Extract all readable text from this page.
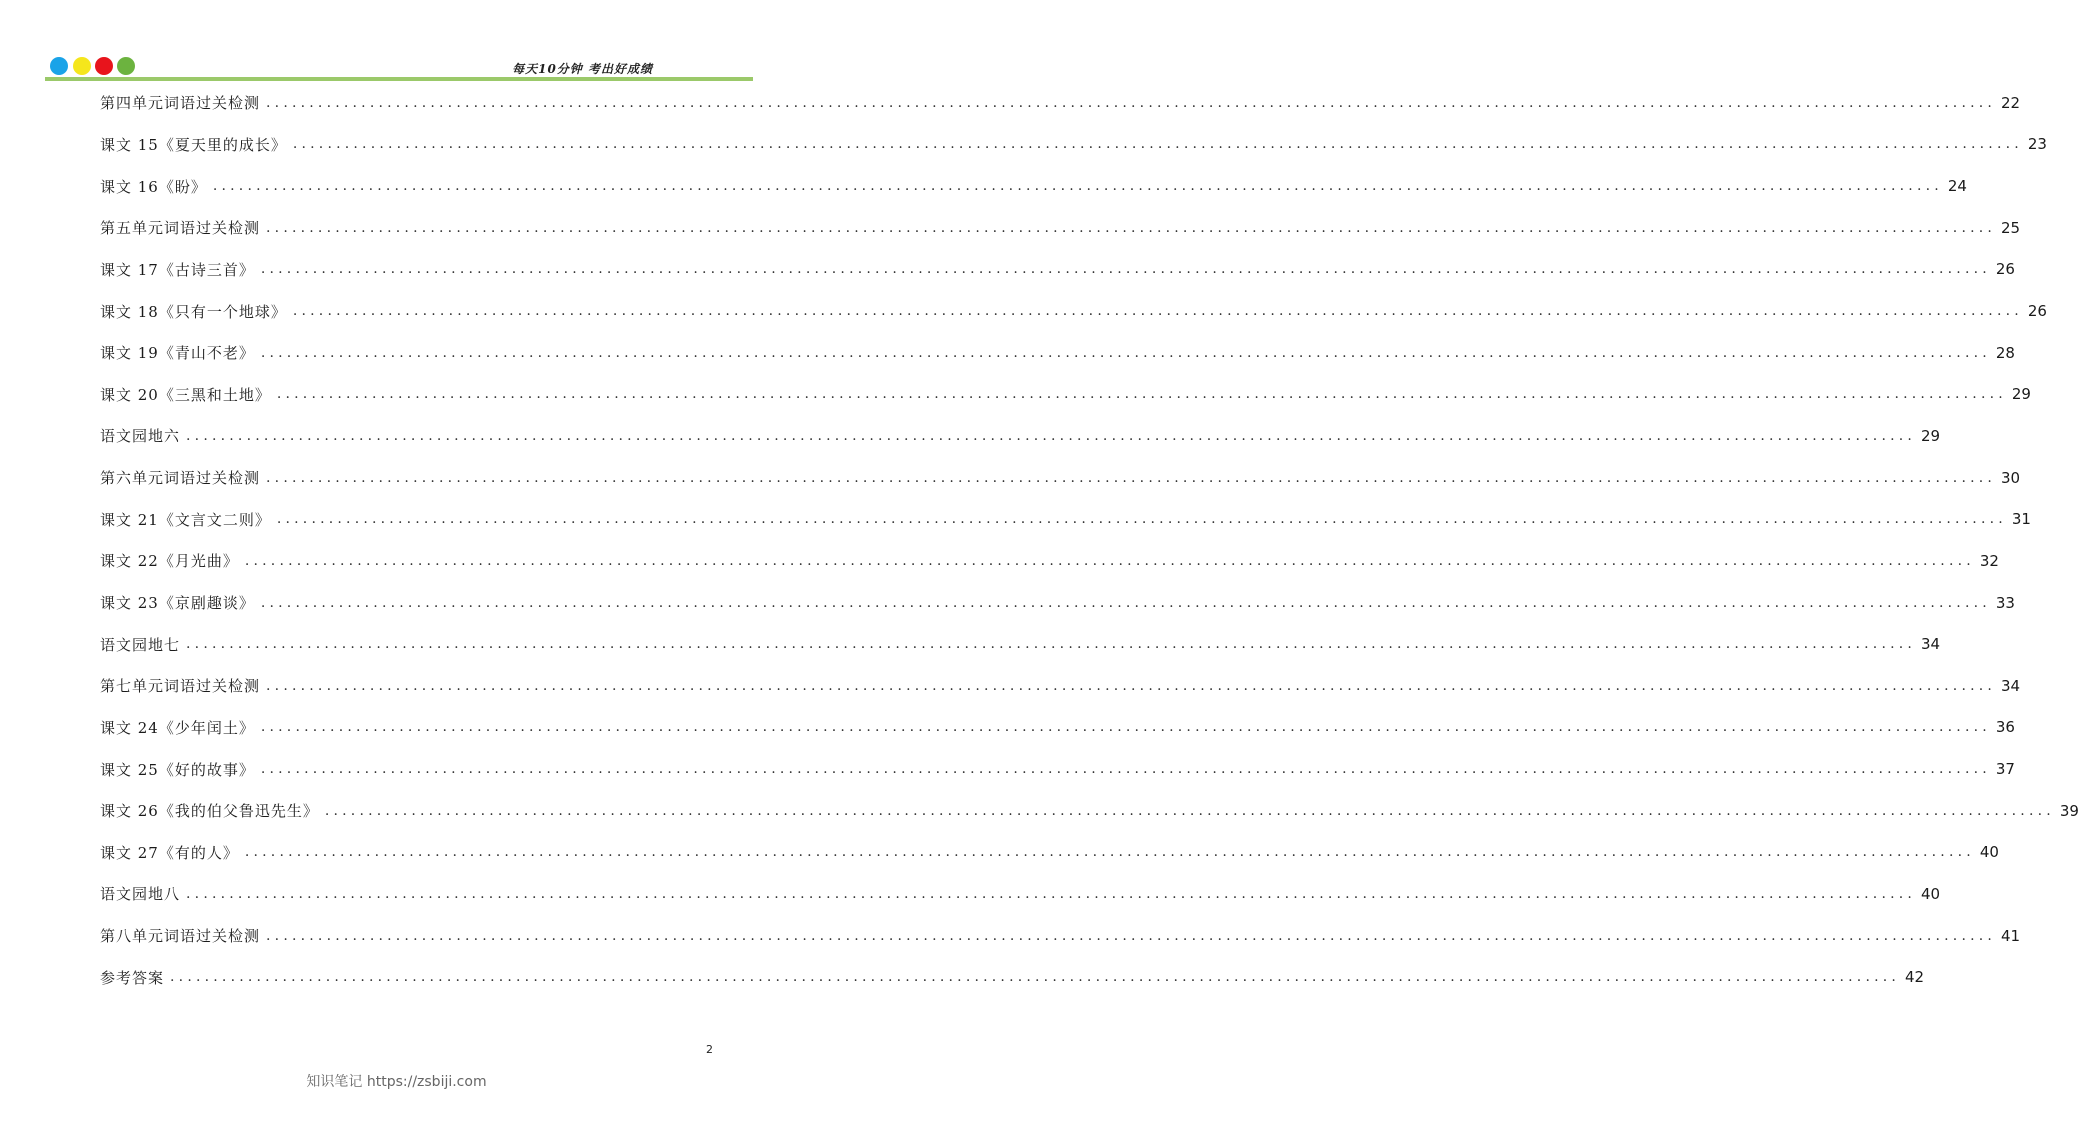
每天10分钟 考出好成绩
第四单元词语过关检测 ........................................................................................................................................................................................................ 22
课文 15《夏天里的成长》 ........................................................................................................................................................................................................ 23
课文 16《盼》 ........................................................................................................................................................................................................ 24
第五单元词语过关检测 ........................................................................................................................................................................................................ 25
课文 17《古诗三首》 ........................................................................................................................................................................................................ 26
课文 18《只有一个地球》 ........................................................................................................................................................................................................ 26
课文 19《青山不老》 ........................................................................................................................................................................................................ 28
课文 20《三黑和土地》 ........................................................................................................................................................................................................ 29
语文园地六 ........................................................................................................................................................................................................ 29
第六单元词语过关检测 ........................................................................................................................................................................................................ 30
课文 21《文言文二则》 ........................................................................................................................................................................................................ 31
课文 22《月光曲》 ........................................................................................................................................................................................................ 32
课文 23《京剧趣谈》 ........................................................................................................................................................................................................ 33
语文园地七 ........................................................................................................................................................................................................ 34
第七单元词语过关检测 ........................................................................................................................................................................................................ 34
课文 24《少年闰土》 ........................................................................................................................................................................................................ 36
课文 25《好的故事》 ........................................................................................................................................................................................................ 37
课文 26《我的伯父鲁迅先生》 ........................................................................................................................................................................................................ 39
课文 27《有的人》 ........................................................................................................................................................................................................ 40
语文园地八 ........................................................................................................................................................................................................ 40
第八单元词语过关检测 ........................................................................................................................................................................................................ 41
参考答案 ........................................................................................................................................................................................................ 42
2
知识笔记 https://zsbiji.com
